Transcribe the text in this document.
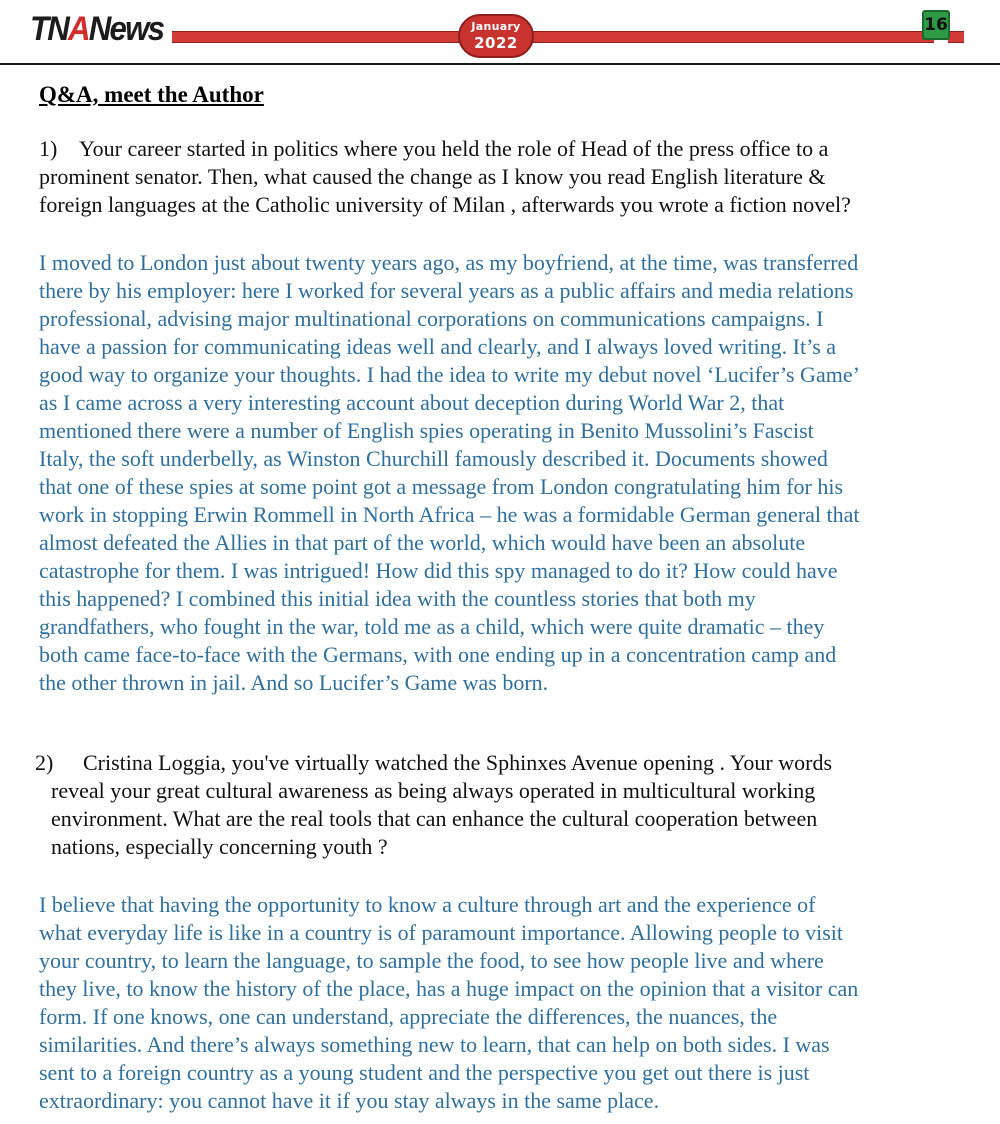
TNANews	January
2022
16
Q&A, meet the Author

1) Your career started in politics where you held the role of Head of the press office to a
prominent senator. Then, what caused the change as I know you read English literature &
foreign languages at the Catholic university of Milan , afterwards you wrote a fiction novel?

I moved to London just about twenty years ago, as my boyfriend, at the time, was transferred
there by his employer: here I worked for several years as a public affairs and media relations
professional, advising major multinational corporations on communications campaigns. I
have a passion for communicating ideas well and clearly, and I always loved writing. It’s a
good way to organize your thoughts. I had the idea to write my debut novel ‘Lucifer’s Game’
as I came across a very interesting account about deception during World War 2, that
mentioned there were a number of English spies operating in Benito Mussolini’s Fascist
Italy, the soft underbelly, as Winston Churchill famously described it. Documents showed
that one of these spies at some point got a message from London congratulating him for his
work in stopping Erwin Rommell in North Africa – he was a formidable German general that
almost defeated the Allies in that part of the world, which would have been an absolute
catastrophe for them. I was intrigued! How did this spy managed to do it? How could have
this happened? I combined this initial idea with the countless stories that both my
grandfathers, who fought in the war, told me as a child, which were quite dramatic – they
both came face-to-face with the Germans, with one ending up in a concentration camp and
the other thrown in jail. And so Lucifer’s Game was born.

2) Cristina Loggia, you've virtually watched the Sphinxes Avenue opening . Your words
reveal your great cultural awareness as being always operated in multicultural working
environment. What are the real tools that can enhance the cultural cooperation between
nations, especially concerning youth ?

I believe that having the opportunity to know a culture through art and the experience of
what everyday life is like in a country is of paramount importance. Allowing people to visit
your country, to learn the language, to sample the food, to see how people live and where
they live, to know the history of the place, has a huge impact on the opinion that a visitor can
form. If one knows, one can understand, appreciate the differences, the nuances, the
similarities. And there’s always something new to learn, that can help on both sides. I was
sent to a foreign country as a young student and the perspective you get out there is just
extraordinary: you cannot have it if you stay always in the same place.
